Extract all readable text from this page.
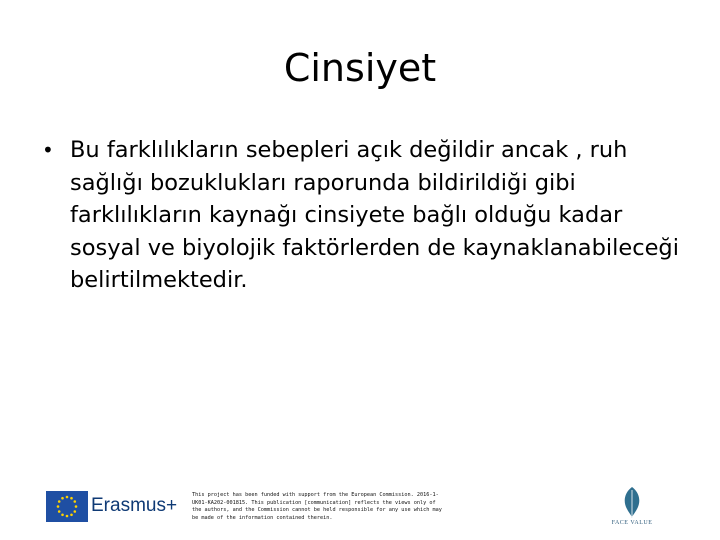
Cinsiyet
• Bu farklılıkların sebepleri açık değildir ancak , ruh sağlığı bozuklukları raporunda bildirildiği gibi farklılıkların kaynağı cinsiyete bağlı olduğu kadar sosyal ve biyolojik faktörlerden de kaynaklanabileceği belirtilmektedir.
Erasmus+	This project has been funded with support from the European Commission. 2016-1-UK01-KA202-001815. This publication [communication] reflects the views only of the authors, and the Commission cannot be held responsible for any use which may be made of the information contained therein.
FACE VALUE
